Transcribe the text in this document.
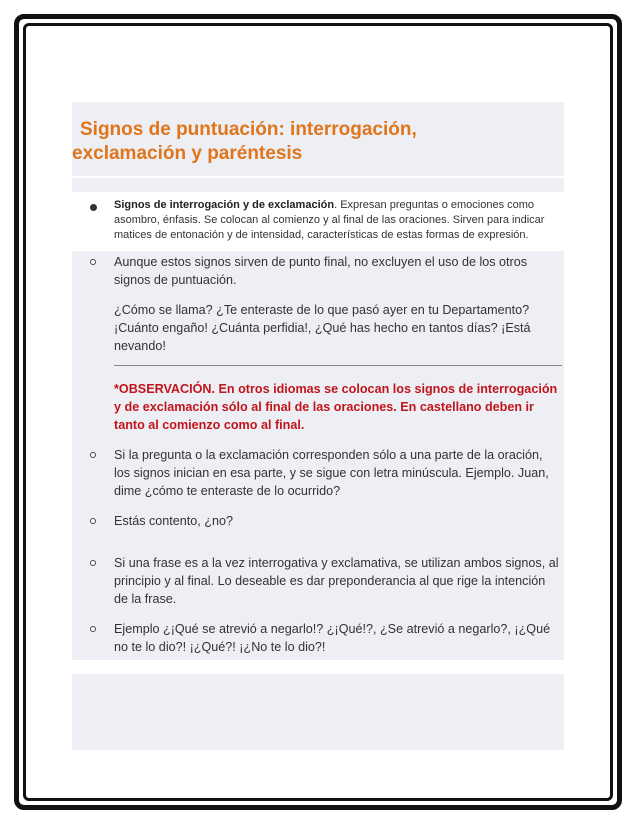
Signos de puntuación: interrogación,
exclamación y paréntesis

Signos de interrogación y de exclamación. Expresan preguntas o emociones como asombro, énfasis. Se colocan al comienzo y al final de las oraciones. Sirven para indicar matices de entonación y de intensidad, características de estas formas de expresión.

Aunque estos signos sirven de punto final, no excluyen el uso de los otros signos de puntuación.

¿Cómo se llama? ¿Te enteraste de lo que pasó ayer en tu Departamento? ¡Cuánto engaño! ¿Cuánta perfidia!, ¿Qué has hecho en tantos días? ¡Está nevando!

*OBSERVACIÓN. En otros idiomas se colocan los signos de interrogación y de exclamación sólo al final de las oraciones. En castellano deben ir tanto al comienzo como al final.

Si la pregunta o la exclamación corresponden sólo a una parte de la oración, los signos inician en esa parte, y se sigue con letra minúscula. Ejemplo. Juan, dime ¿cómo te enteraste de lo ocurrido?

Estás contento, ¿no?

Si una frase es a la vez interrogativa y exclamativa, se utilizan ambos signos, al principio y al final. Lo deseable es dar preponderancia al que rige la intención de la frase.

Ejemplo ¿¡Qué se atrevió a negarlo!? ¿¡Qué!?, ¿Se atrevió a negarlo?, ¡¿Qué no te lo dio?! ¡¿Qué?! ¡¿No te lo dio?!
